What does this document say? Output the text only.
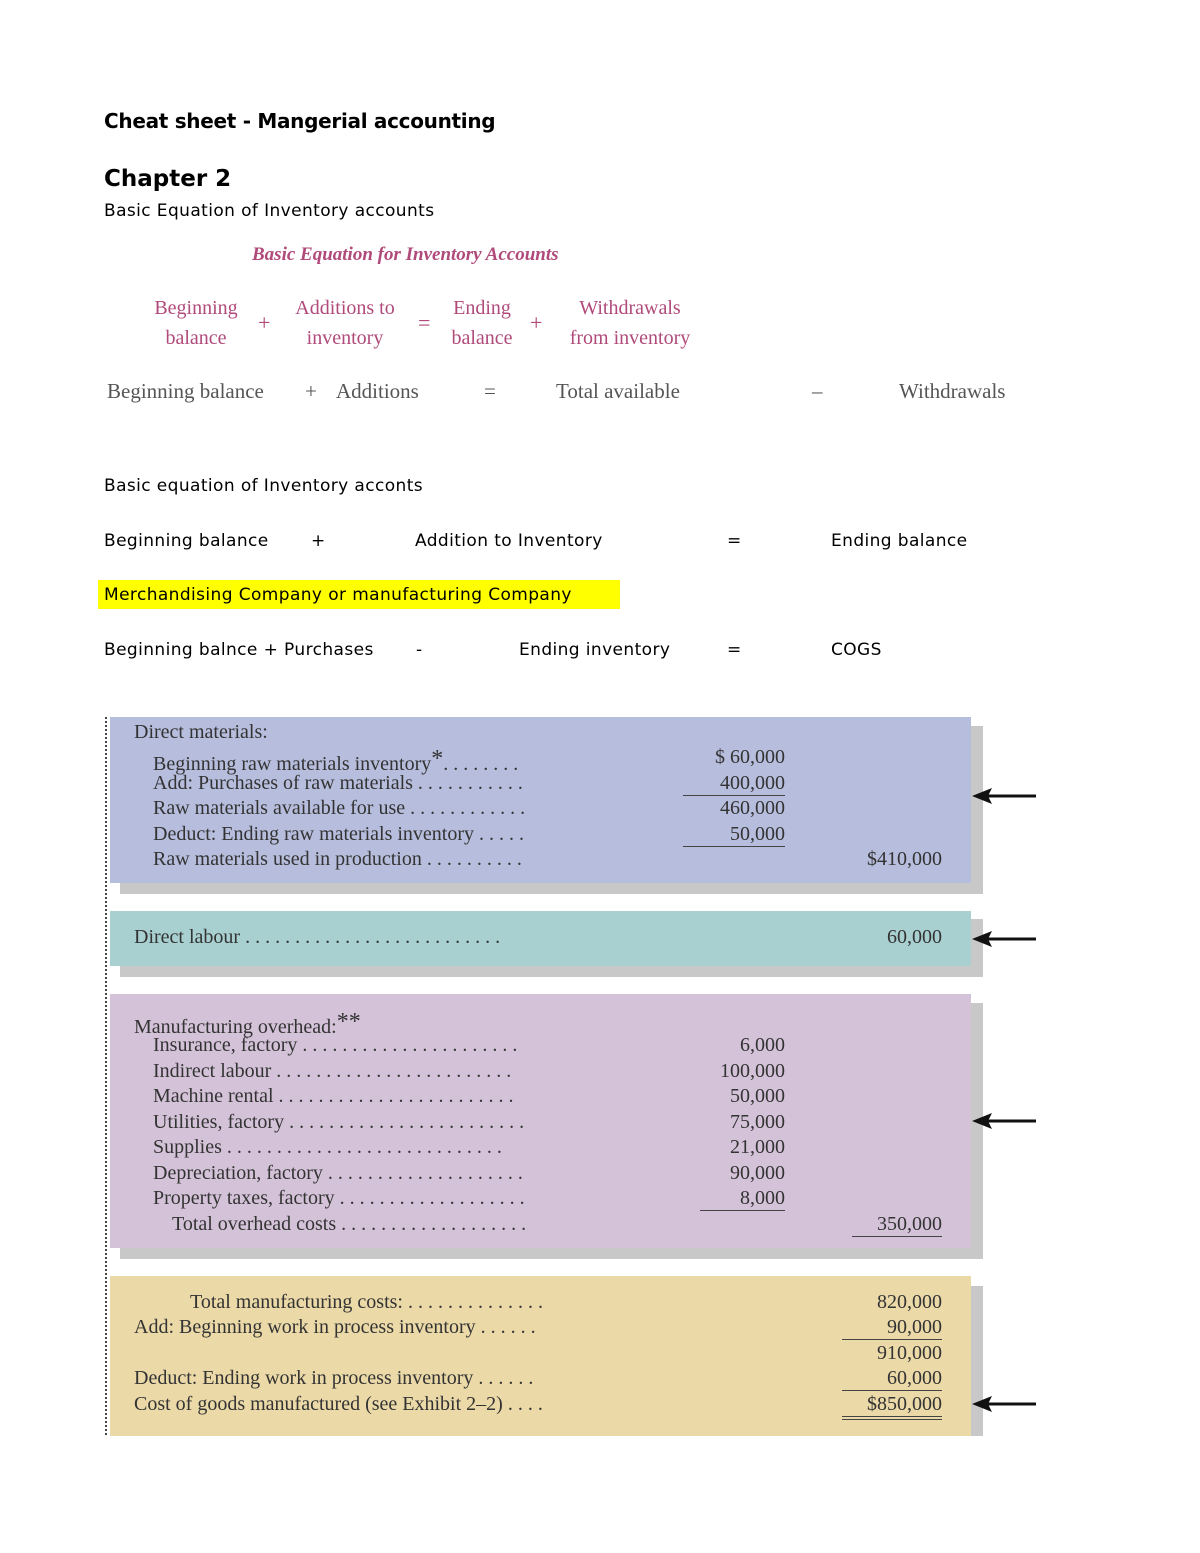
Cheat sheet - Mangerial accounting
Chapter 2
Basic Equation of Inventory accounts
Basic Equation for Inventory Accounts
Beginning
balance
+
Additions to
inventory
=
Ending
balance
+
Withdrawals
from inventory
Beginning balance + Additions	=	Total available	–	Withdrawals
Basic equation of Inventory acconts
Beginning balance +	Addition to Inventory	=	Ending balance
Merchandising Company or manufacturing Company
Beginning balnce + Purchases -	Ending inventory	=	COGS
Direct materials:
Beginning raw materials inventory*. . . . . . . .	$ 60,000
Add: Purchases of raw materials . . . . . . . . . . .	400,000
Raw materials available for use . . . . . . . . . . . .	460,000
Deduct: Ending raw materials inventory . . . . .	50,000
Raw materials used in production . . . . . . . . . .	$410,000
Direct labour . . . . . . . . . . . . . . . . . . . . . . . . . .	60,000
Manufacturing overhead:**
Insurance, factory . . . . . . . . . . . . . . . . . . . . . .	6,000
Indirect labour . . . . . . . . . . . . . . . . . . . . . . . .	100,000
Machine rental . . . . . . . . . . . . . . . . . . . . . . . .	50,000
Utilities, factory . . . . . . . . . . . . . . . . . . . . . . . .	75,000
Supplies . . . . . . . . . . . . . . . . . . . . . . . . . . . .	21,000
Depreciation, factory . . . . . . . . . . . . . . . . . . . .	90,000
Property taxes, factory . . . . . . . . . . . . . . . . . . .	8,000
Total overhead costs . . . . . . . . . . . . . . . . . . .	350,000
Total manufacturing costs: . . . . . . . . . . . . . .	820,000
Add: Beginning work in process inventory . . . . . .	90,000
910,000
Deduct: Ending work in process inventory . . . . . .	60,000
Cost of goods manufactured (see Exhibit 2–2) . . . .	$850,000
